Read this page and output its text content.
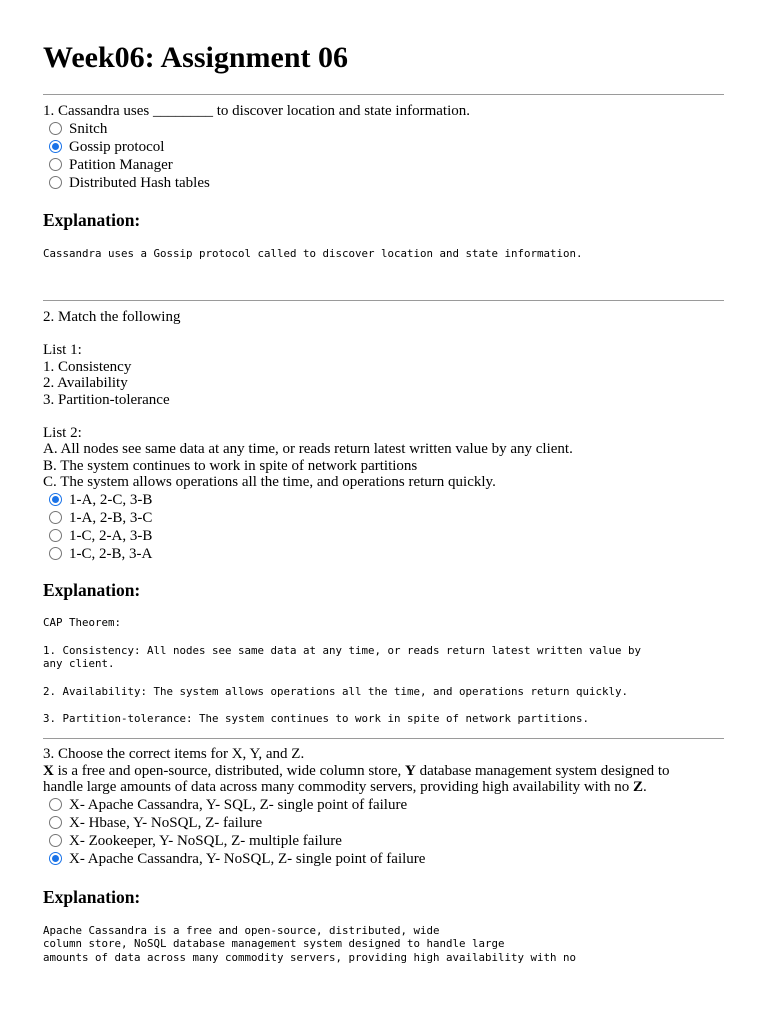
Week06: Assignment 06
1. Cassandra uses ________ to discover location and state information.
Snitch
Gossip protocol
Patition Manager
Distributed Hash tables
Explanation:
Cassandra uses a Gossip protocol called to discover location and state information.
2. Match the following
List 1:
1. Consistency
2. Availability
3. Partition-tolerance
List 2:
A. All nodes see same data at any time, or reads return latest written value by any client.
B. The system continues to work in spite of network partitions
C. The system allows operations all the time, and operations return quickly.
1-A, 2-C, 3-B
1-A, 2-B, 3-C
1-C, 2-A, 3-B
1-C, 2-B, 3-A
Explanation:
CAP Theorem:
1. Consistency: All nodes see same data at any time, or reads return latest written value by
any client.
2. Availability: The system allows operations all the time, and operations return quickly.
3. Partition-tolerance: The system continues to work in spite of network partitions.
3. Choose the correct items for X, Y, and Z.
X is a free and open-source, distributed, wide column store, Y database management system designed to handle large amounts of data across many commodity servers, providing high availability with no Z.
X- Apache Cassandra, Y- SQL, Z- single point of failure
X- Hbase, Y- NoSQL, Z- failure
X- Zookeeper, Y- NoSQL, Z- multiple failure
X- Apache Cassandra, Y- NoSQL, Z- single point of failure
Explanation:
Apache Cassandra is a free and open-source, distributed, wide
column store, NoSQL database management system designed to handle large
amounts of data across many commodity servers, providing high availability with no
